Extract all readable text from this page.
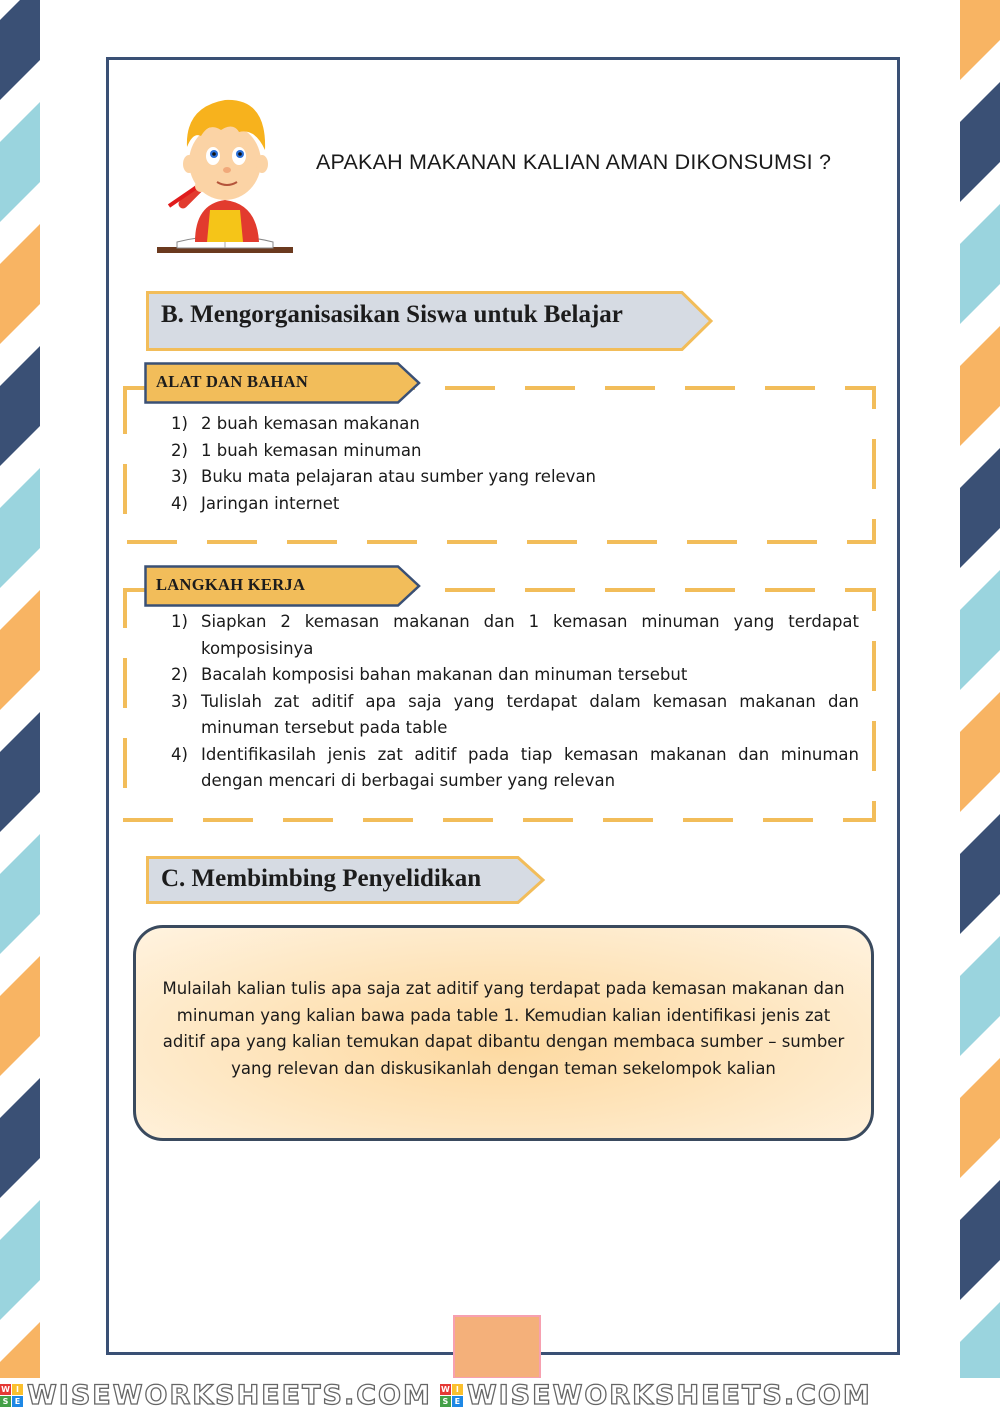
APAKAH MAKANAN KALIAN AMAN DIKONSUMSI ?
B. Mengorganisasikan Siswa untuk Belajar
ALAT DAN BAHAN
1) 2 buah kemasan makanan
2) 1 buah kemasan minuman
3) Buku mata pelajaran atau sumber yang relevan
4) Jaringan internet
LANGKAH KERJA
1) Siapkan 2 kemasan makanan dan 1 kemasan minuman yang terdapat komposisinya
2) Bacalah komposisi bahan makanan dan minuman tersebut
3) Tulislah zat aditif apa saja yang terdapat dalam kemasan makanan dan minuman tersebut pada table
4) Identifikasilah jenis zat aditif pada tiap kemasan makanan dan minuman dengan mencari di berbagai sumber yang relevan
C. Membimbing Penyelidikan
Mulailah kalian tulis apa saja zat aditif yang terdapat pada kemasan makanan dan minuman yang kalian bawa pada table 1. Kemudian kalian identifikasi jenis zat aditif apa yang kalian temukan dapat dibantu dengan membaca sumber – sumber yang relevan dan diskusikanlah dengan teman sekelompok kalian
W I
S E WISEWORKSHEETS.COM W I
S E WISEWORKSHEETS.COM
